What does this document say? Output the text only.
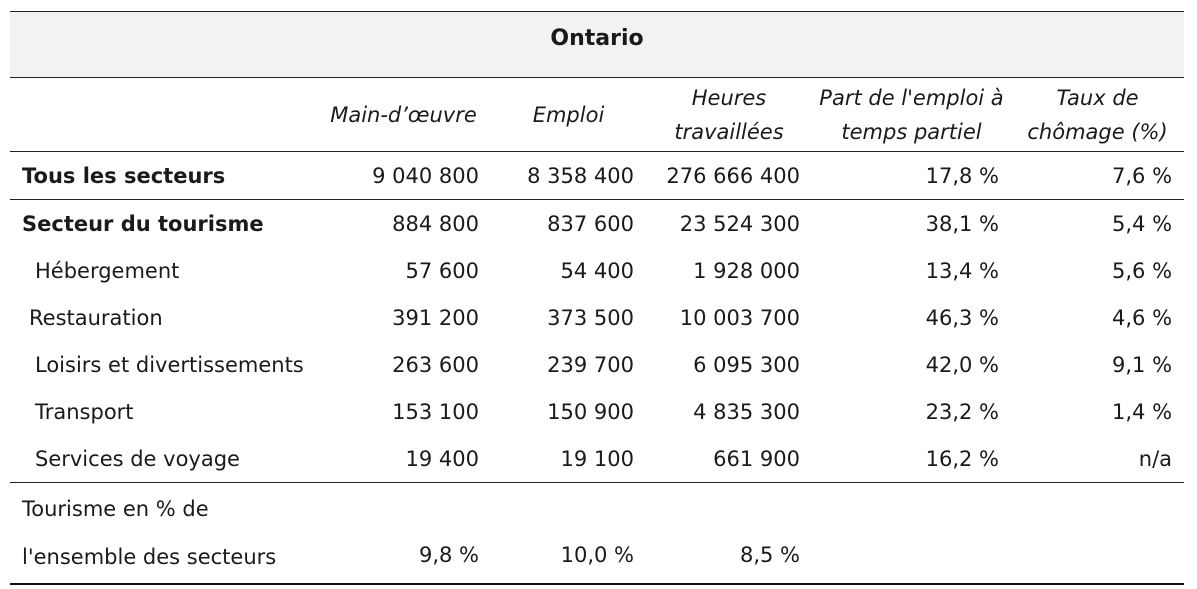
Ontario					
	Main-d’œuvre	Emploi	Heures travaillées	Part de l'emploi à temps partiel	Taux de chômage (%)
Tous les secteurs	9 040 800	8 358 400	276 666 400	17,8 %	7,6 %
Secteur du tourisme	884 800	837 600	23 524 300	38,1 %	5,4 %
Hébergement	57 600	54 400	1 928 000	13,4 %	5,6 %
Restauration	391 200	373 500	10 003 700	46,3 %	4,6 %
Loisirs et divertissements	263 600	239 700	6 095 300	42,0 %	9,1 %
Transport	153 100	150 900	4 835 300	23,2 %	1,4 %
Services de voyage	19 400	19 100	661 900	16,2 %	n/a
Tourisme en % de l'ensemble des secteurs	9,8 %	10,0 %	8,5 %		
